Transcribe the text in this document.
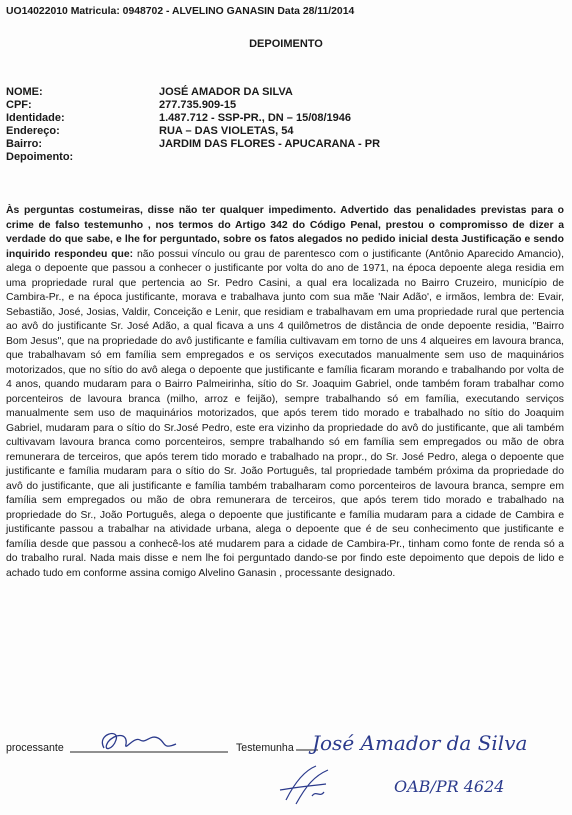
UO14022010 Matricula: 0948702 - ALVELINO GANASIN Data 28/11/2014
DEPOIMENTO
NOME:	JOSÉ AMADOR DA SILVA
CPF:	277.735.909-15
Identidade:	1.487.712 - SSP-PR., DN – 15/08/1946
Endereço:	RUA – DAS VIOLETAS, 54
Bairro:	JARDIM DAS FLORES - APUCARANA - PR
Depoimento:
Às perguntas costumeiras, disse não ter qualquer impedimento. Advertido das penalidades previstas para o crime de falso testemunho , nos termos do Artigo 342 do Código Penal, prestou o compromisso de dizer a verdade do que sabe, e lhe for perguntado, sobre os fatos alegados no pedido inicial desta Justificação e sendo inquirido respondeu que: não possui vínculo ou grau de parentesco com o justificante (Antônio Aparecido Amancio), alega o depoente que passou a conhecer o justificante por volta do ano de 1971, na época depoente alega residia em uma propriedade rural que pertencia ao Sr. Pedro Casini, a qual era localizada no Bairro Cruzeiro, município de Cambira-Pr., e na época justificante, morava e trabalhava junto com sua mãe 'Nair Adão', e irmãos, lembra de: Evair, Sebastião, José, Josias, Valdir, Conceição e Lenir, que residiam e trabalhavam em uma propriedade rural que pertencia ao avô do justificante Sr. José Adão, a qual ficava a uns 4 quilômetros de distância de onde depoente residia, "Bairro Bom Jesus", que na propriedade do avô justificante e família cultivavam em torno de uns 4 alqueires em lavoura branca, que trabalhavam só em família sem empregados e os serviços executados manualmente sem uso de maquinários motorizados, que no sítio do avô alega o depoente que justificante e família ficaram morando e trabalhando por volta de 4 anos, quando mudaram para o Bairro Palmeirinha, sítio do Sr. Joaquim Gabriel, onde também foram trabalhar como porcenteiros de lavoura branca (milho, arroz e feijão), sempre trabalhando só em família, executando serviços manualmente sem uso de maquinários motorizados, que após terem tido morado e trabalhado no sítio do Joaquim Gabriel, mudaram para o sítio do Sr.José Pedro, este era vizinho da propriedade do avô do justificante, que ali também cultivavam lavoura branca como porcenteiros, sempre trabalhando só em família sem empregados ou mão de obra remunerara de terceiros, que após terem tido morado e trabalhado na propr., do Sr. José Pedro, alega o depoente que justificante e família mudaram para o sítio do Sr. João Português, tal propriedade também próxima da propriedade do avô do justificante, que ali justificante e família também trabalharam como porcenteiros de lavoura branca, sempre em família sem empregados ou mão de obra remunerara de terceiros, que após terem tido morado e trabalhado na propriedade do Sr., João Português, alega o depoente que justificante e família mudaram para a cidade de Cambira e justificante passou a trabalhar na atividade urbana, alega o depoente que é de seu conhecimento que justificante e família desde que passou a conhecê-los até mudarem para a cidade de Cambira-Pr., tinham como fonte de renda só a do trabalho rural. Nada mais disse e nem lhe foi perguntado dando-se por findo este depoimento que depois de lido e achado tudo em conforme assina comigo Alvelino Ganasin , processante designado.
processante	Testemunha José Amador da Silva
OAB/PR 4624
